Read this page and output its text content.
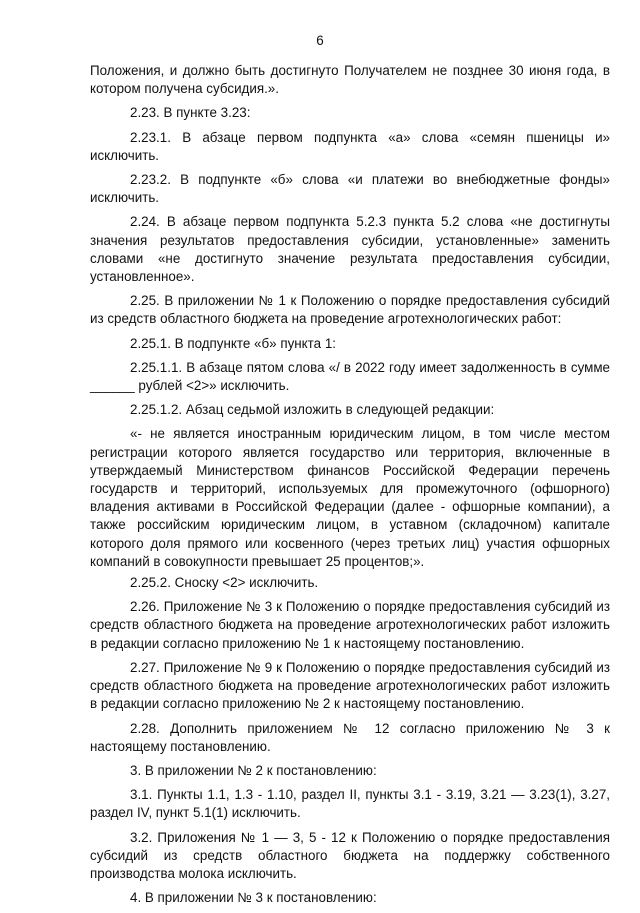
6

Положения, и должно быть достигнуто Получателем не позднее 30 июня года, в котором получена субсидия.».

2.23. В пункте 3.23:

2.23.1. В абзаце первом подпункта «а» слова «семян пшеницы и» исключить.

2.23.2. В подпункте «б» слова «и платежи во внебюджетные фонды» исключить.

2.24. В абзаце первом подпункта 5.2.3 пункта 5.2 слова «не достигнуты значения результатов предоставления субсидии, установленные» заменить словами «не достигнуто значение результата предоставления субсидии, установленное».

2.25. В приложении № 1 к Положению о порядке предоставления субсидий из средств областного бюджета на проведение агротехнологических работ:

2.25.1. В подпункте «б» пункта 1:

2.25.1.1. В абзаце пятом слова «/ в 2022 году имеет задолженность в сумме ______ рублей <2>» исключить.

2.25.1.2. Абзац седьмой изложить в следующей редакции:

«- не является иностранным юридическим лицом, в том числе местом регистрации которого является государство или территория, включенные в утверждаемый Министерством финансов Российской Федерации перечень государств и территорий, используемых для промежуточного (офшорного) владения активами в Российской Федерации (далее - офшорные компании), а также российским юридическим лицом, в уставном (складочном) капитале которого доля прямого или косвенного (через третьих лиц) участия офшорных компаний в совокупности превышает 25 процентов;».

2.25.2. Сноску <2> исключить.

2.26. Приложение № 3 к Положению о порядке предоставления субсидий из средств областного бюджета на проведение агротехнологических работ изложить в редакции согласно приложению № 1 к настоящему постановлению.

2.27. Приложение № 9 к Положению о порядке предоставления субсидий из средств областного бюджета на проведение агротехнологических работ изложить в редакции согласно приложению № 2 к настоящему постановлению.

2.28. Дополнить приложением № 12 согласно приложению № 3 к настоящему постановлению.

3. В приложении № 2 к постановлению:

3.1. Пункты 1.1, 1.3 - 1.10, раздел II, пункты 3.1 - 3.19, 3.21 — 3.23(1), 3.27, раздел IV, пункт 5.1(1) исключить.

3.2. Приложения № 1 — 3, 5 - 12 к Положению о порядке предоставления субсидий из средств областного бюджета на поддержку собственного производства молока исключить.

4. В приложении № 3 к постановлению:
